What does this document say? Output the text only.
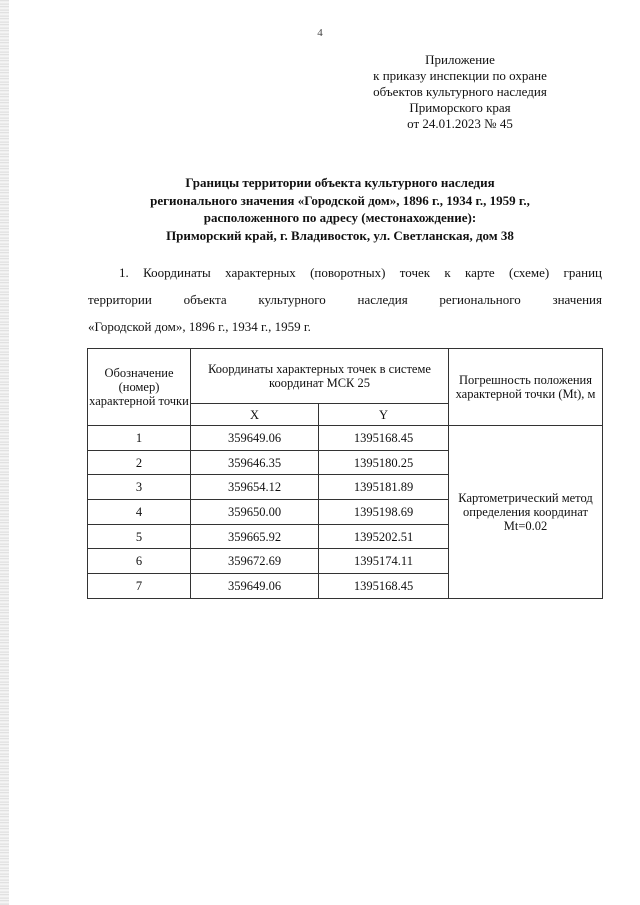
4
Приложение
к приказу инспекции по охране
объектов культурного наследия
Приморского края
от 24.01.2023 № 45
Границы территории объекта культурного наследия
регионального значения «Городской дом», 1896 г., 1934 г., 1959 г.,
расположенного по адресу (местонахождение):
Приморский край, г. Владивосток, ул. Светланская, дом 38
1. Координаты характерных (поворотных) точек к карте (схеме) границ
территории объекта культурного наследия регионального значения
«Городской дом», 1896 г., 1934 г., 1959 г.
Обозначение (номер) характерной точки	Координаты характерных точек в системе координат МСК 25		Погрешность положения характерной точки (Mt), м
	X	Y	
1	359649.06	1395168.45	Картометрический метод определения координат Mt=0.02
2	359646.35	1395180.25	
3	359654.12	1395181.89	
4	359650.00	1395198.69	
5	359665.92	1395202.51	
6	359672.69	1395174.11	
7	359649.06	1395168.45	
